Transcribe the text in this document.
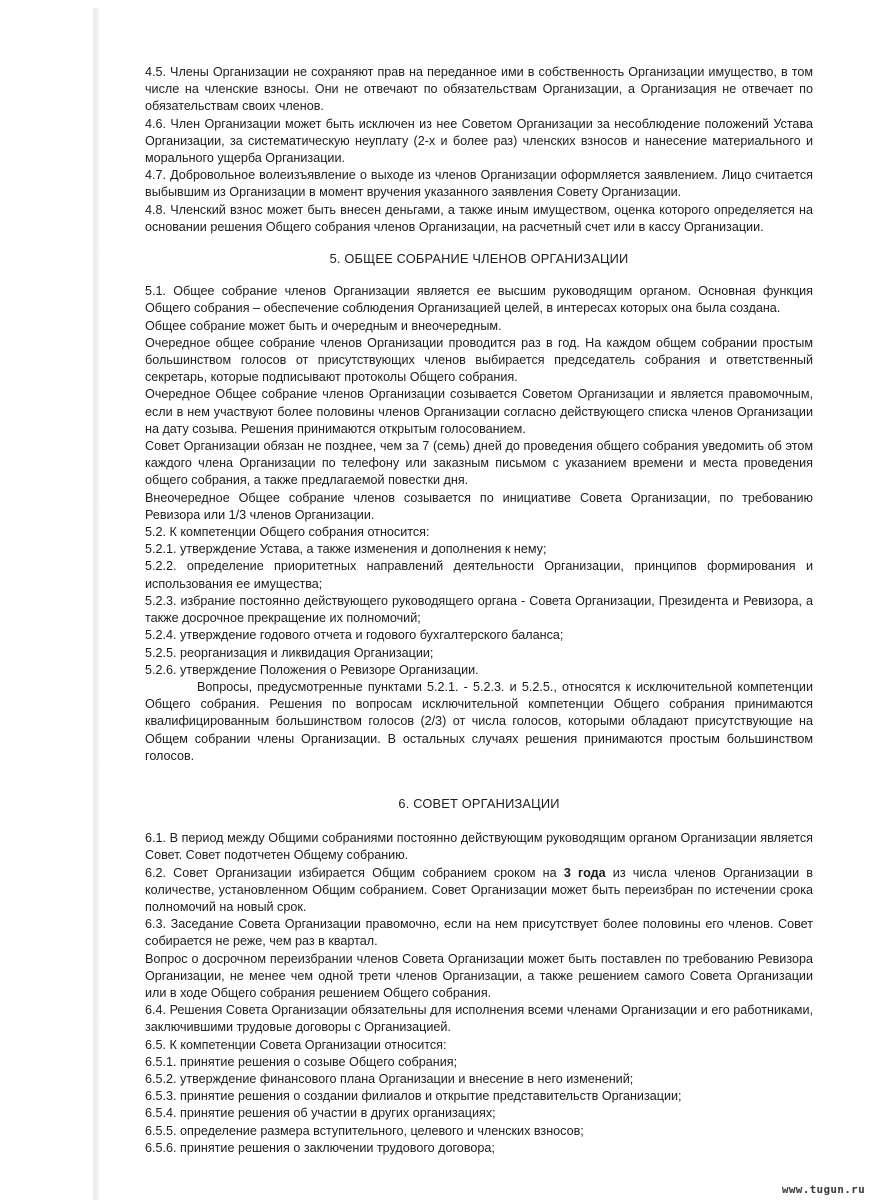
4.5. Члены Организации не сохраняют прав на переданное ими в собственность Организации имущество, в том числе на членские взносы. Они не отвечают по обязательствам Организации, а Организация не отвечает по обязательствам своих членов.

4.6. Член Организации может быть исключен из нее Советом Организации за несоблюдение положений Устава Организации, за систематическую неуплату (2-х и более раз) членских взносов и нанесение материального и морального ущерба Организации.

4.7. Добровольное волеизъявление о выходе из членов Организации оформляется заявлением. Лицо считается выбывшим из Организации в момент вручения указанного заявления Совету Организации.

4.8. Членский взнос может быть внесен деньгами, а также иным имуществом, оценка которого определяется на основании решения Общего собрания членов Организации, на расчетный счет или в кассу Организации.

5. ОБЩЕЕ СОБРАНИЕ ЧЛЕНОВ ОРГАНИЗАЦИИ

5.1. Общее собрание членов Организации является ее высшим руководящим органом. Основная функция Общего собрания – обеспечение соблюдения Организацией целей, в интересах которых она была создана.

Общее собрание может быть и очередным и внеочередным.

Очередное общее собрание членов Организации проводится раз в год. На каждом общем собрании простым большинством голосов от присутствующих членов выбирается председатель собрания и ответственный секретарь, которые подписывают протоколы Общего собрания.

Очередное Общее собрание членов Организации созывается Советом Организации и является правомочным, если в нем участвуют более половины членов Организации согласно действующего списка членов Организации на дату созыва. Решения принимаются открытым голосованием.

Совет Организации обязан не позднее, чем за 7 (семь) дней до проведения общего собрания уведомить об этом каждого члена Организации по телефону или заказным письмом с указанием времени и места проведения общего собрания, а также предлагаемой повестки дня.

Внеочередное Общее собрание членов созывается по инициативе Совета Организации, по требованию Ревизора или 1/3 членов Организации.

5.2. К компетенции Общего собрания относится:

5.2.1. утверждение Устава, а также изменения и дополнения к нему;

5.2.2. определение приоритетных направлений деятельности Организации, принципов формирования и использования ее имущества;

5.2.3. избрание постоянно действующего руководящего органа - Совета Организации, Президента и Ревизора, а также досрочное прекращение их полномочий;

5.2.4. утверждение годового отчета и годового бухгалтерского баланса;

5.2.5. реорганизация и ликвидация Организации;

5.2.6. утверждение Положения о Ревизоре Организации.

Вопросы, предусмотренные пунктами 5.2.1. - 5.2.3. и 5.2.5., относятся к исключительной компетенции Общего собрания. Решения по вопросам исключительной компетенции Общего собрания принимаются квалифицированным большинством голосов (2/3) от числа голосов, которыми обладают присутствующие на Общем собрании члены Организации. В остальных случаях решения принимаются простым большинством голосов.

6. СОВЕТ ОРГАНИЗАЦИИ

6.1. В период между Общими собраниями постоянно действующим руководящим органом Организации является Совет. Совет подотчетен Общему собранию.

6.2. Совет Организации избирается Общим собранием сроком на 3 года из числа членов Организации в количестве, установленном Общим собранием. Совет Организации может быть переизбран по истечении срока полномочий на новый срок.

6.3. Заседание Совета Организации правомочно, если на нем присутствует более половины его членов. Совет собирается не реже, чем раз в квартал.

Вопрос о досрочном переизбрании членов Совета Организации может быть поставлен по требованию Ревизора Организации, не менее чем одной трети членов Организации, а также решением самого Совета Организации или в ходе Общего собрания решением Общего собрания.

6.4. Решения Совета Организации обязательны для исполнения всеми членами Организации и его работниками, заключившими трудовые договоры с Организацией.

6.5. К компетенции Совета Организации относится:

6.5.1. принятие решения о созыве Общего собрания;

6.5.2. утверждение финансового плана Организации и внесение в него изменений;

6.5.3. принятие решения о создании филиалов и открытие представительств Организации;

6.5.4. принятие решения об участии в других организациях;

6.5.5. определение размера вступительного, целевого и членских взносов;

6.5.6. принятие решения о заключении трудового договора;

www.tugun.ru
